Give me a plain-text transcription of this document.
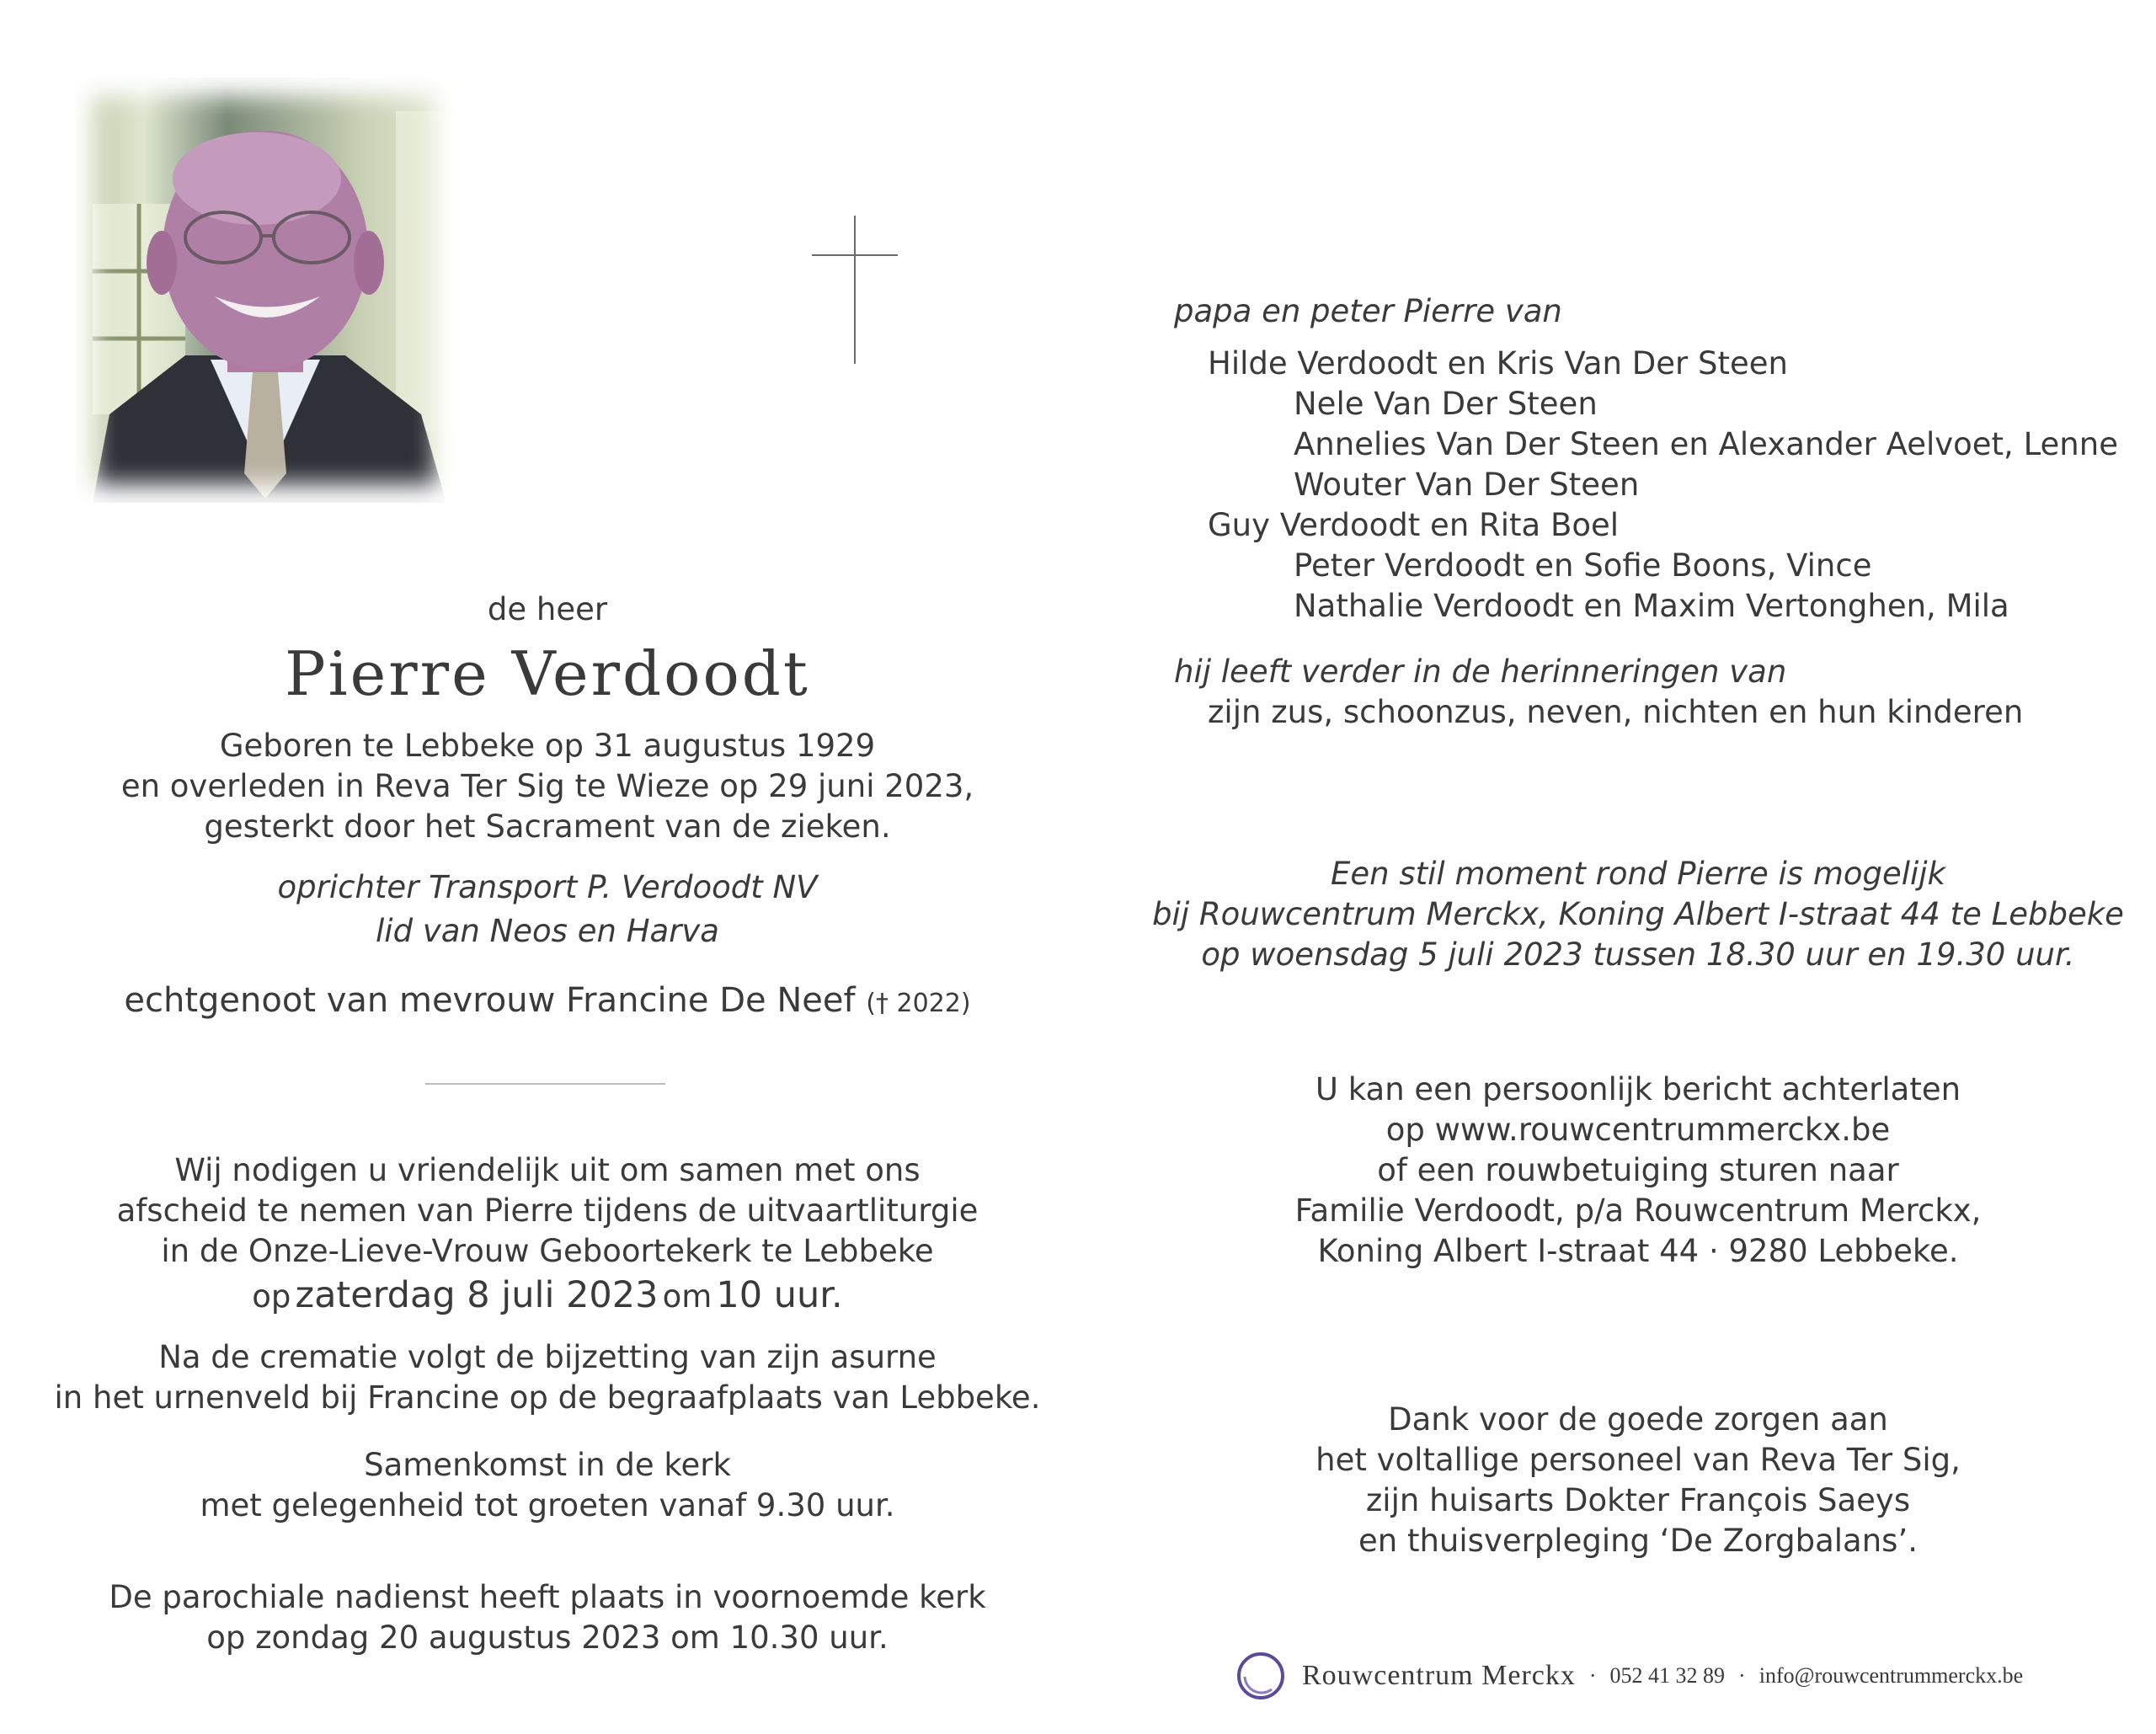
de heer
Pierre Verdoodt
Geboren te Lebbeke op 31 augustus 1929
en overleden in Reva Ter Sig te Wieze op 29 juni 2023,
gesterkt door het Sacrament van de zieken.
oprichter Transport P. Verdoodt NV
lid van Neos en Harva
echtgenoot van mevrouw Francine De Neef († 2022)
Wij nodigen u vriendelijk uit om samen met ons
afscheid te nemen van Pierre tijdens de uitvaartliturgie
in de Onze-Lieve-Vrouw Geboortekerk te Lebbeke
op zaterdag 8 juli 2023 om 10 uur.
Na de crematie volgt de bijzetting van zijn asurne
in het urnenveld bij Francine op de begraafplaats van Lebbeke.
Samenkomst in de kerk
met gelegenheid tot groeten vanaf 9.30 uur.
De parochiale nadienst heeft plaats in voornoemde kerk
op zondag 20 augustus 2023 om 10.30 uur.
papa en peter Pierre van
Hilde Verdoodt en Kris Van Der Steen
Nele Van Der Steen
Annelies Van Der Steen en Alexander Aelvoet, Lenne
Wouter Van Der Steen
Guy Verdoodt en Rita Boel
Peter Verdoodt en Sofie Boons, Vince
Nathalie Verdoodt en Maxim Vertonghen, Mila
hij leeft verder in de herinneringen van
zijn zus, schoonzus, neven, nichten en hun kinderen
Een stil moment rond Pierre is mogelijk
bij Rouwcentrum Merckx, Koning Albert I-straat 44 te Lebbeke
op woensdag 5 juli 2023 tussen 18.30 uur en 19.30 uur.
U kan een persoonlijk bericht achterlaten
op www.rouwcentrummerckx.be
of een rouwbetuiging sturen naar
Familie Verdoodt, p/a Rouwcentrum Merckx,
Koning Albert I-straat 44 · 9280 Lebbeke.
Dank voor de goede zorgen aan
het voltallige personeel van Reva Ter Sig,
zijn huisarts Dokter François Saeys
en thuisverpleging ‘De Zorgbalans’.
Rouwcentrum Merckx · 052 41 32 89 · info@rouwcentrummerckx.be
